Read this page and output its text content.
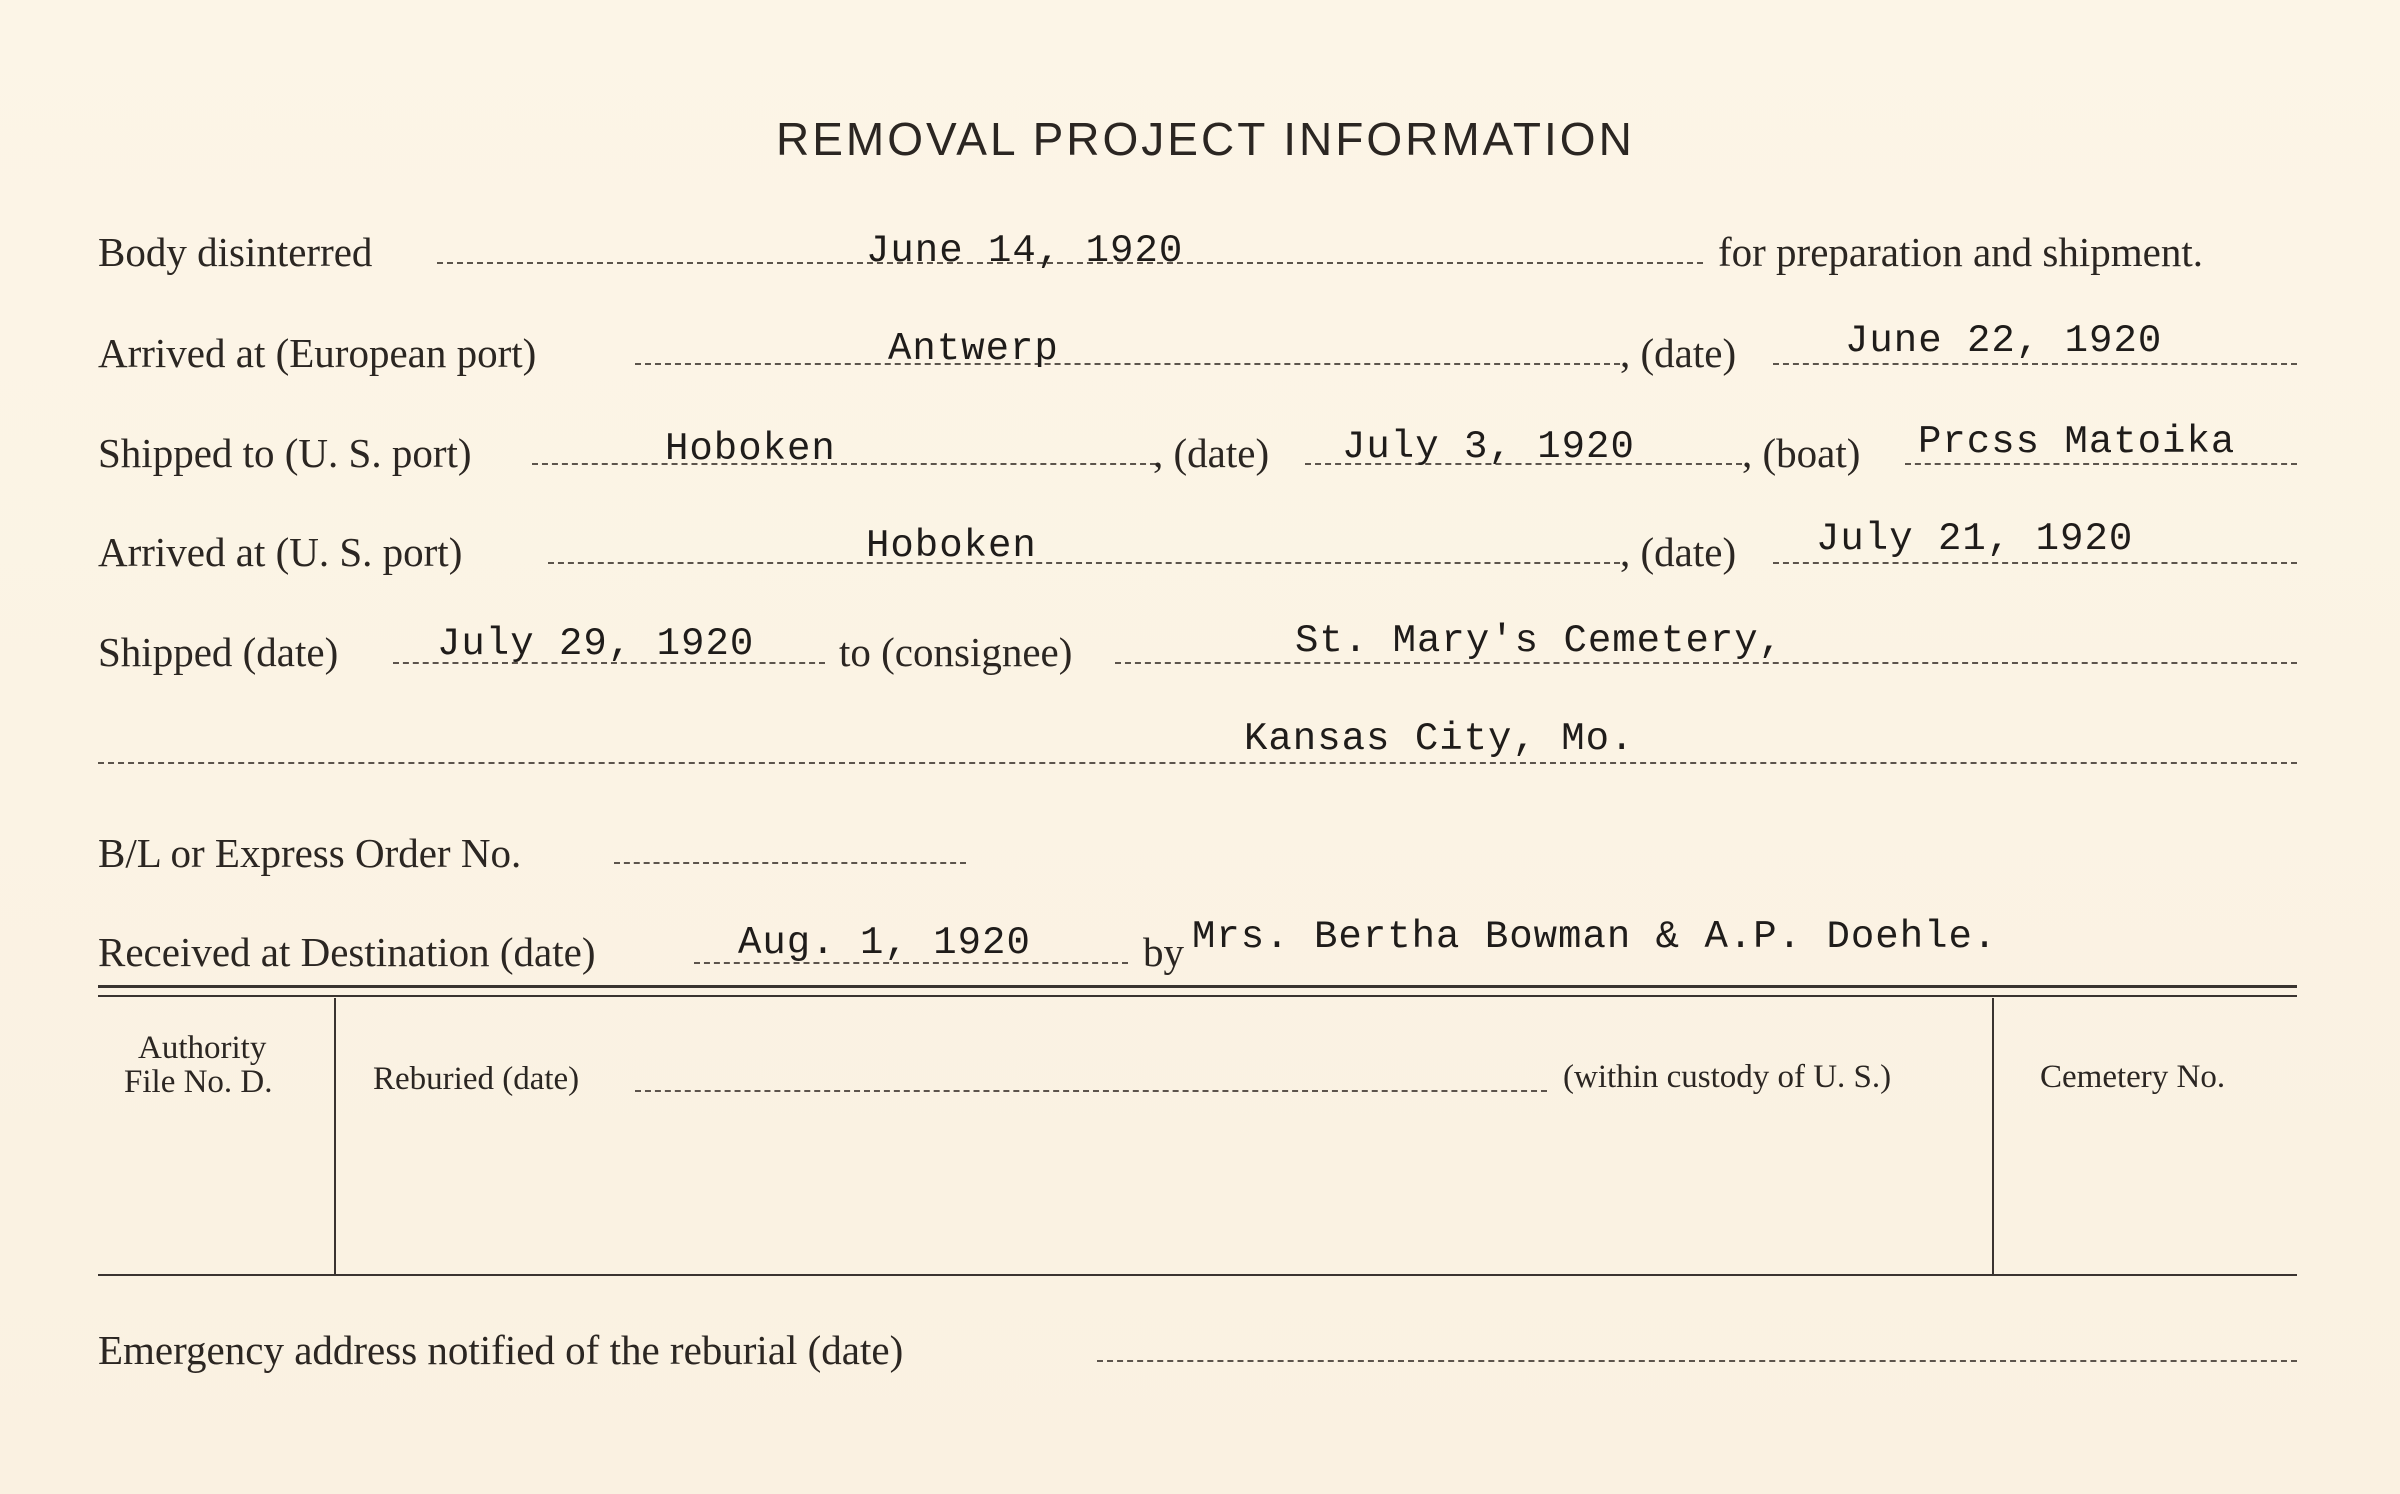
REMOVAL PROJECT INFORMATION
Body disinterred	June 14, 1920	for preparation and shipment.
Arrived at (European port)	Antwerp	, (date)	June 22, 1920
Shipped to (U. S. port)	Hoboken	, (date) July 3, 1920	, (boat) Prcss Matoika
Arrived at (U. S. port)	Hoboken	, (date) July 21, 1920
Shipped (date)	July 29, 1920 to (consignee)	St. Mary's Cemetery,
Kansas City, Mo.
B/L or Express Order No.
Received at Destination (date)	Aug. 1, 1920	by Mrs. Bertha Bowman & A.P. Doehle.
Authority
File No. D.	Reburied (date)	(within custody of U. S.)	Cemetery No.
Emergency address notified of the reburial (date)
